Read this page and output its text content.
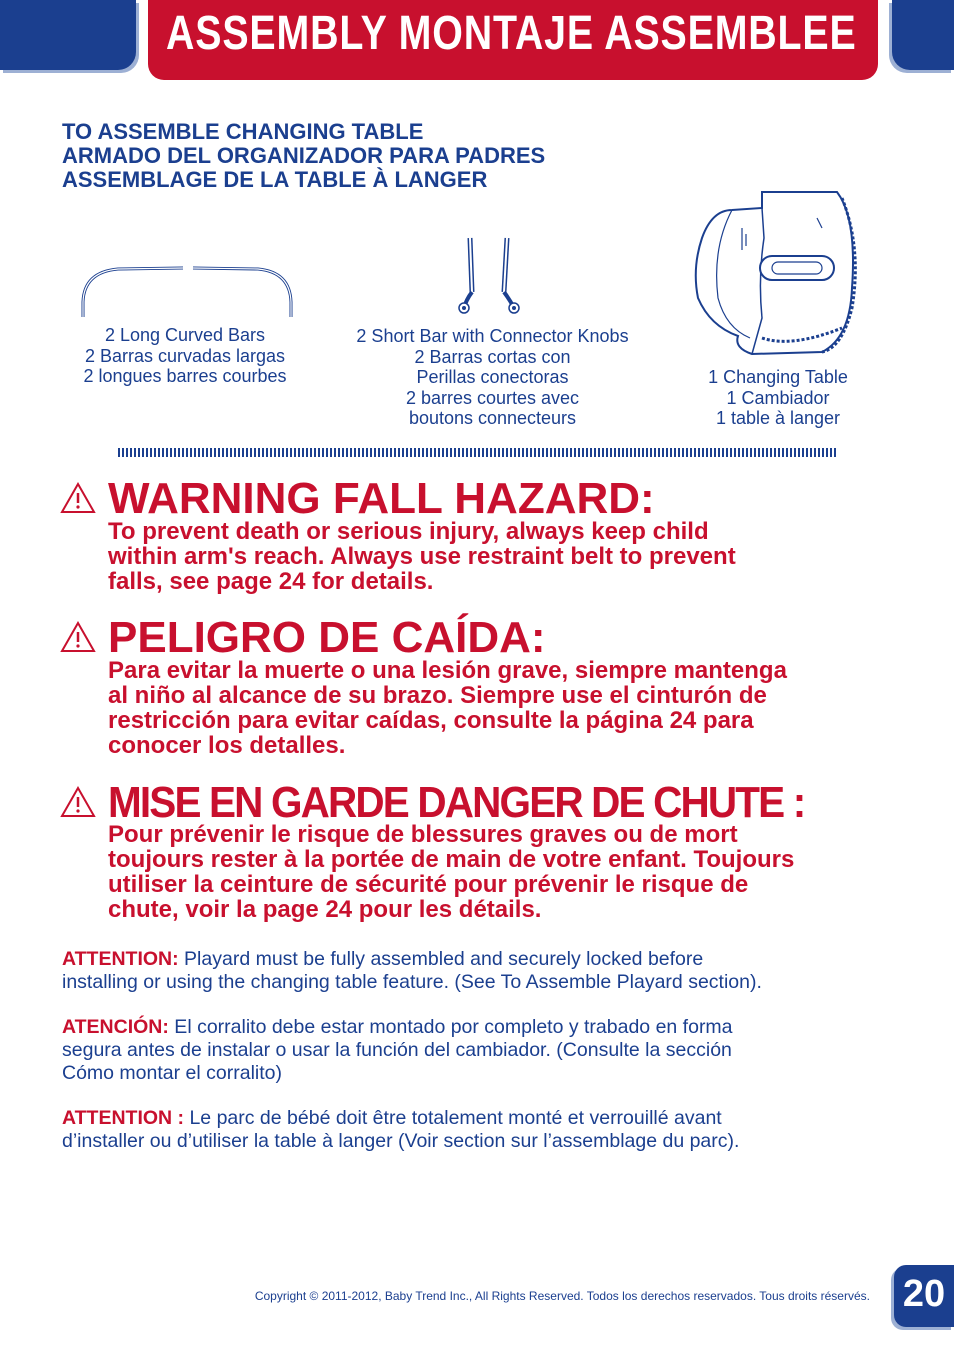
ASSEMBLY MONTAJE ASSEMBLEE
TO ASSEMBLE CHANGING TABLE
ARMADO DEL ORGANIZADOR PARA PADRES
ASSEMBLAGE DE LA TABLE À LANGER
2 Long Curved Bars
2 Barras curvadas largas
2 longues barres courbes
2 Short Bar with Connector Knobs
2 Barras cortas con
Perillas conectoras
2 barres courtes avec
boutons connecteurs
1 Changing Table
1 Cambiador
1 table à langer
WARNING FALL HAZARD:
To prevent death or serious injury, always keep child
within arm's reach. Always use restraint belt to prevent
falls, see page 24 for details.
PELIGRO DE CAÍDA:
Para evitar la muerte o una lesión grave, siempre mantenga
al niño al alcance de su brazo. Siempre use el cinturón de
restricción para evitar caídas, consulte la página 24 para
conocer los detalles.
MISE EN GARDE DANGER DE CHUTE :
Pour prévenir le risque de blessures graves ou de mort
toujours rester à la portée de main de votre enfant. Toujours
utiliser la ceinture de sécurité pour prévenir le risque de
chute, voir la page 24 pour les détails.
ATTENTION: Playard must be fully assembled and securely locked before
installing or using the changing table feature. (See To Assemble Playard section).
ATENCIÓN: El corralito debe estar montado por completo y trabado en forma
segura antes de instalar o usar la función del cambiador. (Consulte la sección
Cómo montar el corralito)
ATTENTION : Le parc de bébé doit être totalement monté et verrouillé avant
d’installer ou d’utiliser la table à langer (Voir section sur l’assemblage du parc).
Copyright © 2011-2012, Baby Trend Inc., All Rights Reserved. Todos los derechos reservados. Tous droits réservés. 20
